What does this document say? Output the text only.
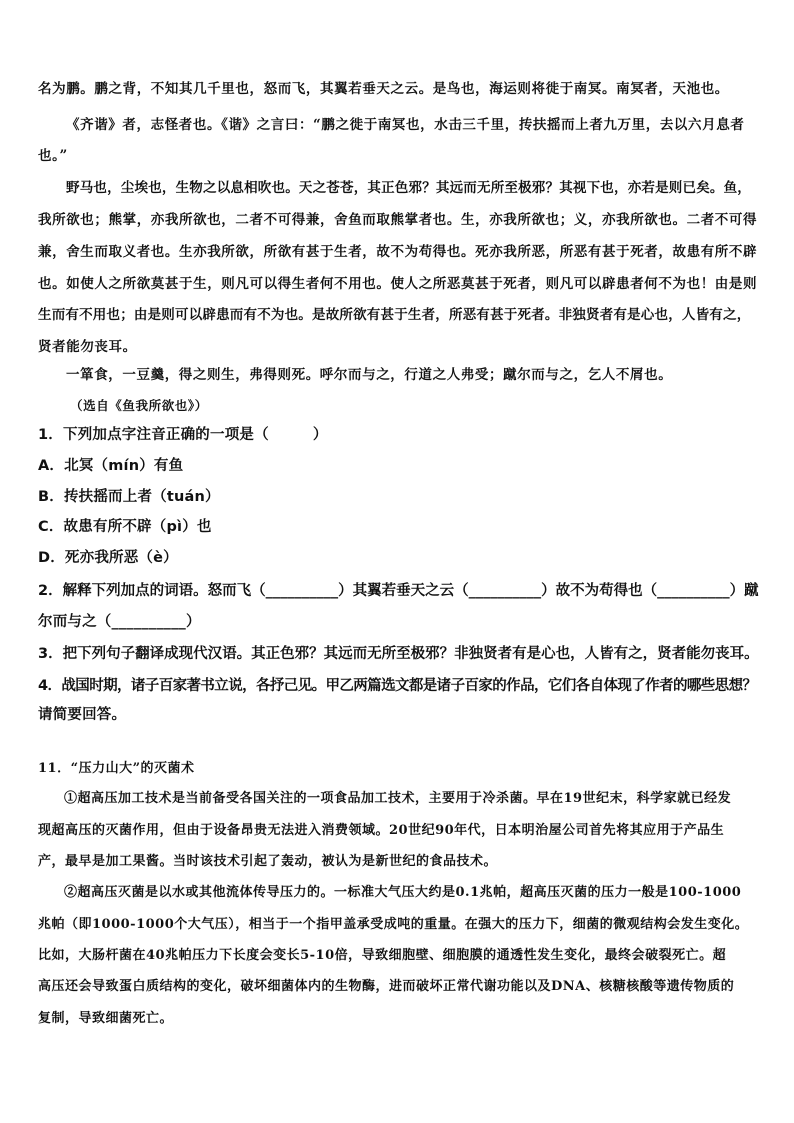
名为鹏。鹏之背，不知其几千里也，怒而飞，其翼若垂天之云。是鸟也，海运则将徙于南冥。南冥者，天池也。
《齐谐》者，志怪者也。《谐》之言曰：“鹏之徙于南冥也，水击三千里，抟扶摇而上者九万里，去以六月息者
也。”
野马也，尘埃也，生物之以息相吹也。天之苍苍，其正色邪？其远而无所至极邪？其视下也，亦若是则已矣。鱼，
我所欲也；熊掌，亦我所欲也，二者不可得兼，舍鱼而取熊掌者也。生，亦我所欲也；义，亦我所欲也。二者不可得
兼，舍生而取义者也。生亦我所欲，所欲有甚于生者，故不为苟得也。死亦我所恶，所恶有甚于死者，故患有所不辟
也。如使人之所欲莫甚于生，则凡可以得生者何不用也。使人之所恶莫甚于死者，则凡可以辟患者何不为也！由是则
生而有不用也；由是则可以辟患而有不为也。是故所欲有甚于生者，所恶有甚于死者。非独贤者有是心也，人皆有之，
贤者能勿丧耳。
一箪食，一豆羹，得之则生，弗得则死。呼尔而与之，行道之人弗受；蹴尔而与之，乞人不屑也。
（选自《鱼我所欲也》）
1．下列加点字注音正确的一项是（　　　）
A．北冥（mín）有鱼
B．抟扶摇而上者（tuán）
C．故患有所不辟（pì）也
D．死亦我所恶（è）
2．解释下列加点的词语。怒而飞（__________）其翼若垂天之云（__________）故不为苟得也（__________）蹴
尔而与之（__________）
3．把下列句子翻译成现代汉语。其正色邪？其远而无所至极邪？非独贤者有是心也，人皆有之，贤者能勿丧耳。
4．战国时期，诸子百家著书立说，各抒己见。甲乙两篇选文都是诸子百家的作品，它们各自体现了作者的哪些思想？
请简要回答。
11．“压力山大”的灭菌术
①超高压加工技术是当前备受各国关注的一项食品加工技术，主要用于冷杀菌。早在19世纪末，科学家就已经发
现超高压的灭菌作用，但由于设备昂贵无法进入消费领域。20世纪90年代，日本明治屋公司首先将其应用于产品生
产，最早是加工果酱。当时该技术引起了轰动，被认为是新世纪的食品技术。
②超高压灭菌是以水或其他流体传导压力的。一标准大气压大约是0.1兆帕，超高压灭菌的压力一般是100-1000
兆帕（即1000-1000个大气压），相当于一个指甲盖承受成吨的重量。在强大的压力下，细菌的微观结构会发生变化。
比如，大肠杆菌在40兆帕压力下长度会变长5-10倍，导致细胞壁、细胞膜的通透性发生变化，最终会破裂死亡。超
高压还会导致蛋白质结构的变化，破坏细菌体内的生物酶，进而破坏正常代谢功能以及DNA、核糖核酸等遗传物质的
复制，导致细菌死亡。
